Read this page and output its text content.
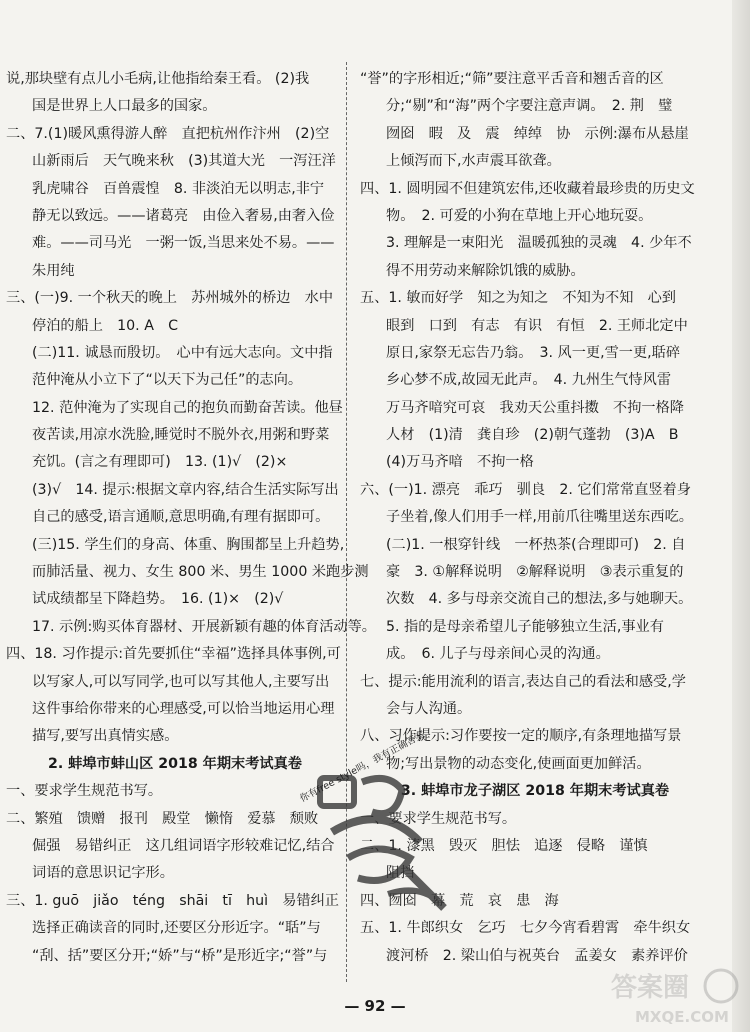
说,那块壁有点儿小毛病,让他指给秦王看。 (2)我
国是世界上人口最多的国家。
二、7.(1)暖风熏得游人醉　直把杭州作汴州　(2)空
山新雨后　天气晚来秋　(3)其道大光　一泻汪洋
乳虎啸谷　百兽震惶　8. 非淡泊无以明志,非宁
静无以致远。——诸葛亮　由俭入奢易,由奢入俭
难。——司马光　一粥一饭,当思来处不易。——
朱用纯
三、(一)9. 一个秋天的晚上　苏州城外的桥边　水中
停泊的船上　10. A　C
(二)11. 诚恳而殷切。　心中有远大志向。文中指
范仲淹从小立下了“以天下为己任”的志向。
12. 范仲淹为了实现自己的抱负而勤奋苦读。他昼
夜苦读,用凉水洗脸,睡觉时不脱外衣,用粥和野菜
充饥。(言之有理即可)　13. (1)√　(2)×
(3)√　14. 提示:根据文章内容,结合生活实际写出
自己的感受,语言通顺,意思明确,有理有据即可。
(三)15. 学生们的身高、体重、胸围都呈上升趋势,
而肺活量、视力、女生 800 米、男生 1000 米跑步测
试成绩都呈下降趋势。　16. (1)×　(2)√
17. 示例:购买体育器材、开展新颖有趣的体育活动等。
四、18. 习作提示:首先要抓住“幸福”选择具体事例,可
以写家人,可以写同学,也可以写其他人,主要写出
这件事给你带来的心理感受,可以恰当地运用心理
描写,要写出真情实感。
2. 蚌埠市蚌山区 2018 年期末考试真卷
一、要求学生规范书写。
二、繁殖　馈赠　报刊　殿堂　懒惰　爱慕　颓败
倔强　易错纠正　这几组词语字形较难记忆,结合
词语的意思识记字形。
三、1. guō　jiǎo　téng　shāi　tī　huì　易错纠正
选择正确读音的同时,还要区分形近字。“聒”与
“刮、括”要区分开;“娇”与“桥”是形近字;“誉”与
“誉”的字形相近;“筛”要注意平舌音和翘舌音的区
分;“剔”和“海”两个字要注意声调。　2. 荆　璧
囫囵　暇　及　震　绰绰　协　示例:瀑布从悬崖
上倾泻而下,水声震耳欲聋。
四、1. 圆明园不但建筑宏伟,还收藏着最珍贵的历史文
物。　2. 可爱的小狗在草地上开心地玩耍。
3. 理解是一束阳光　温暖孤独的灵魂　4. 少年不
得不用劳动来解除饥饿的威胁。
五、1. 敏而好学　知之为知之　不知为不知　心到
眼到　口到　有志　有识　有恒　2. 王师北定中
原日,家祭无忘告乃翁。　3. 风一更,雪一更,聒碎
乡心梦不成,故园无此声。　4. 九州生气恃风雷
万马齐喑究可哀　我劝天公重抖擞　不拘一格降
人材　(1)清　龚自珍　(2)朝气蓬勃　(3)A　B
(4)万马齐喑　不拘一格
六、(一)1. 漂亮　乖巧　驯良　2. 它们常常直竖着身
子坐着,像人们用手一样,用前爪往嘴里送东西吃。
(二)1. 一根穿针线　一杯热茶(合理即可)　2. 自
豪　3. ①解释说明　②解释说明　③表示重复的
次数　4. 多与母亲交流自己的想法,多与她聊天。
5. 指的是母亲希望儿子能够独立生活,事业有
成。　6. 儿子与母亲间心灵的沟通。
七、提示:能用流利的语言,表达自己的看法和感受,学
会与人沟通。
八、习作提示:习作要按一定的顺序,有条理地描写景
物;写出景物的动态变化,使画面更加鲜活。
3. 蚌埠市龙子湖区 2018 年期末考试真卷
一、要求学生规范书写。
二、1. 漆黑　毁灭　胆怯　追逐　侵略　谨慎
阻挡
四、囫囵　幕　荒　哀　患　海
五、1. 牛郎织女　乞巧　七夕今宵看碧霄　牵牛织女
渡河桥　2. 梁山伯与祝英台　孟姜女　素养评价
— 92 —
你有free style吗，我有正确答案
答案圈
MXQE.COM
